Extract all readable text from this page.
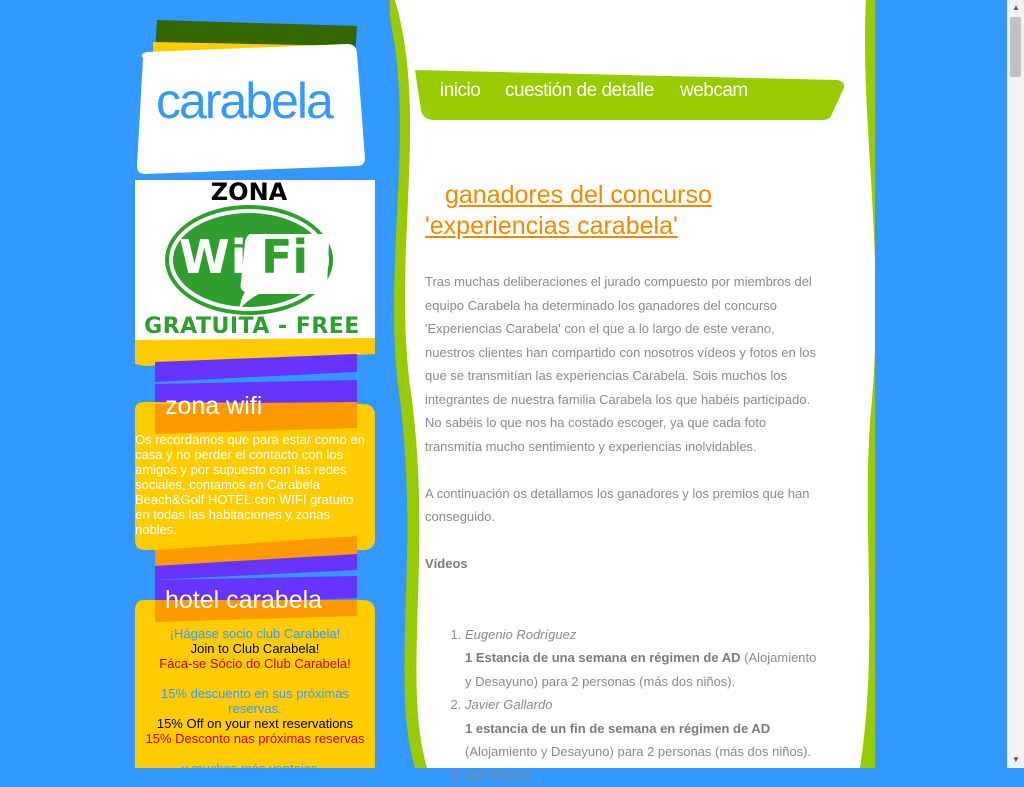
carabela
ZONA
Wi Fi
GRATUITA - FREE
zona wifi
Os recordamos que para estar como en casa y no perder el contacto con los amigos y por supuesto con las redes sociales, contamos en Carabela Beach&Golf HOTEL con WIFI gratuito en todas las habitaciones y zonas nobles.
hotel carabela
¡Hágase socio club Carabela!
Join to Club Carabela!
Fáca-se Sócio do Club Carabela!
15% descuento en sus próximas reservas.
15% Off on your next reservations
15% Desconto nas próximas reservas
y muchas más ventajas...
inicio cuestión de detalle webcam
ganadores del concurso
'experiencias carabela'

Tras muchas deliberaciones el jurado compuesto por miembros del equipo Carabela ha determinado los ganadores del concurso 'Experiencias Carabela' con el que a lo largo de este verano, nuestros clientes han compartido con nosotros vídeos y fotos en los que se transmitían las experiencias Carabela. Sois muchos los integrantes de nuestra familia Carabela los que habéis participado. No sabéis lo que nos ha costado escoger, ya que cada foto transmitía mucho sentimiento y experiencias inolvidables.

A continuación os detallamos los ganadores y los premios que han conseguido.

Vídeos

1. Eugenio Rodríguez
1 Estancia de una semana en régimen de AD (Alojamiento y Desayuno) para 2 personas (más dos niños).
2. Javier Gallardo
1 estancia de un fin de semana en régimen de AD (Alojamiento y Desayuno) para 2 personas (más dos niños).
3. Ivan Martín
▲
▼
